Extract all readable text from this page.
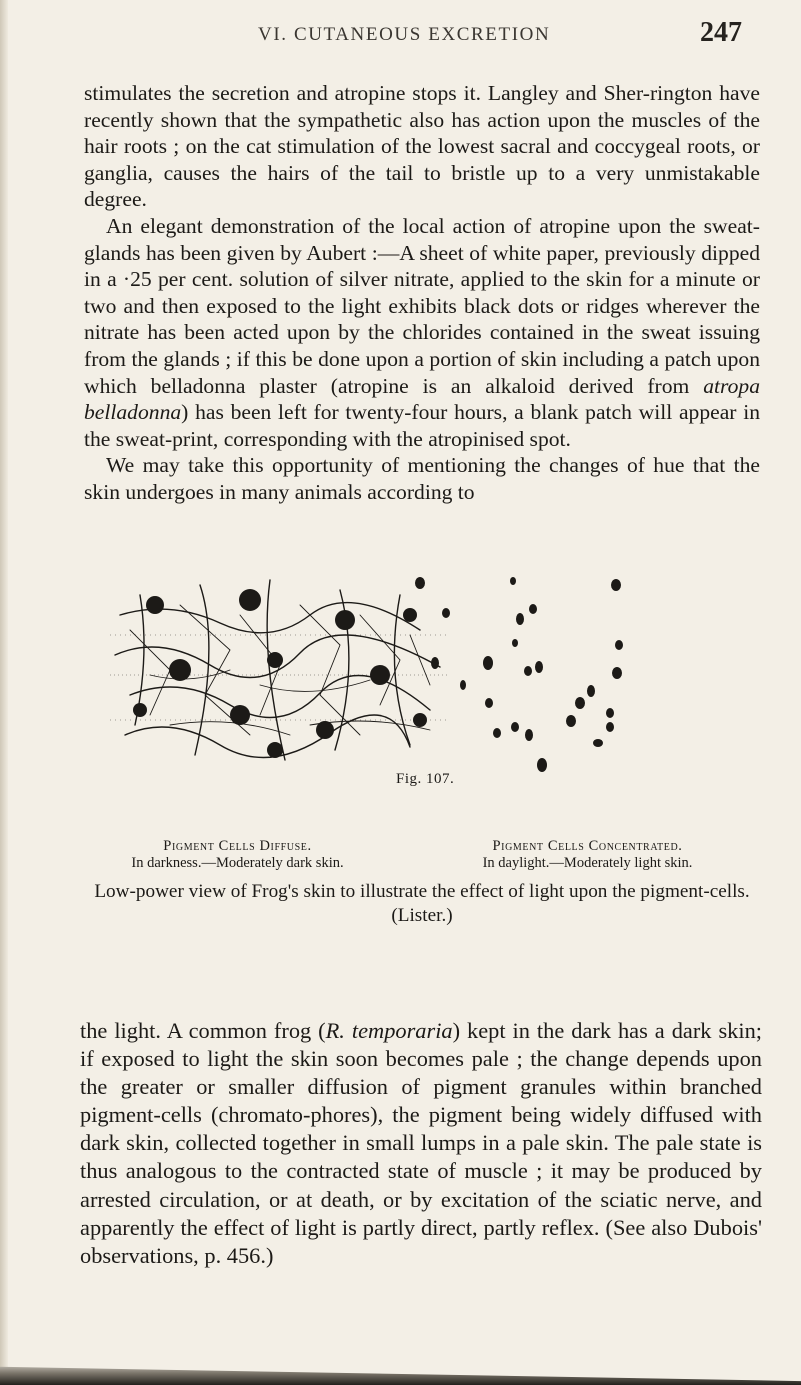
VI. CUTANEOUS EXCRETION	247

stimulates the secretion and atropine stops it. Langley and Sher-rington have recently shown that the sympathetic also has action upon the muscles of the hair roots ; on the cat stimulation of the lowest sacral and coccygeal roots, or ganglia, causes the hairs of the tail to bristle up to a very unmistakable degree.

An elegant demonstration of the local action of atropine upon the sweat-glands has been given by Aubert :—A sheet of white paper, previously dipped in a ·25 per cent. solution of silver nitrate, applied to the skin for a minute or two and then exposed to the light exhibits black dots or ridges wherever the nitrate has been acted upon by the chlorides contained in the sweat issuing from the glands ; if this be done upon a portion of skin including a patch upon which belladonna plaster (atropine is an alkaloid derived from atropa belladonna) has been left for twenty-four hours, a blank patch will appear in the sweat-print, corresponding with the atropinised spot.

We may take this opportunity of mentioning the changes of hue that the skin undergoes in many animals according to

Fig. 107.
Pigment Cells Diffuse.
In darkness.—Moderately dark skin.
Pigment Cells Concentrated.
In daylight.—Moderately light skin.
Low-power view of Frog's skin to illustrate the effect of light upon the pigment-cells. (Lister.)

the light. A common frog (R. temporaria) kept in the dark has a dark skin; if exposed to light the skin soon becomes pale ; the change depends upon the greater or smaller diffusion of pigment granules within branched pigment-cells (chromato-phores), the pigment being widely diffused with dark skin, collected together in small lumps in a pale skin. The pale state is thus analogous to the contracted state of muscle ; it may be produced by arrested circulation, or at death, or by excitation of the sciatic nerve, and apparently the effect of light is partly direct, partly reflex. (See also Dubois' observations, p. 456.)
